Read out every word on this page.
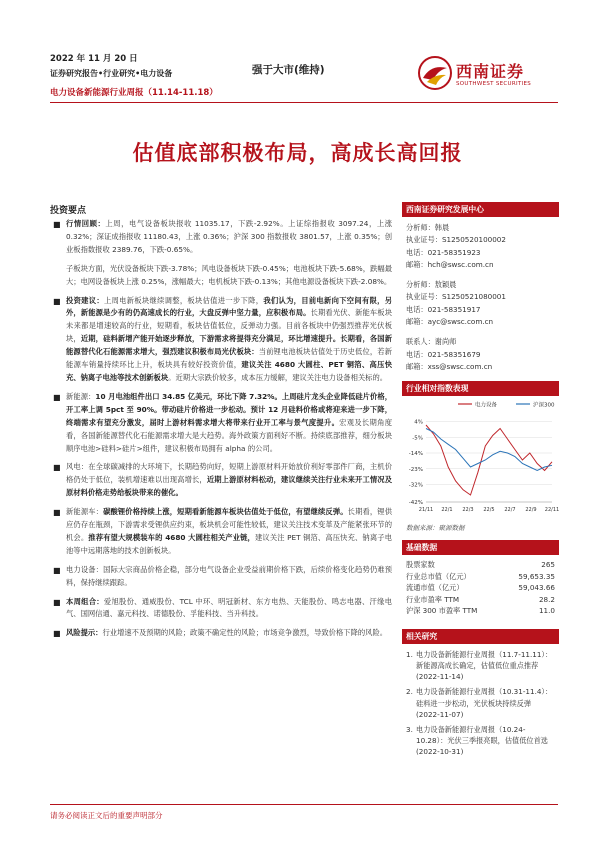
2022 年 11 月 20 日
证券研究报告•行业研究•电力设备
电力设备新能源行业周报（11.14-11.18）
强于大市(维持)	西南证券
SOUTHWEST SECURITIES
估值底部积极布局，高成长高回报
投资要点

■ 行情回顾：上周，电气设备板块报收 11035.17，下跌-2.92%。上证综指报收 3097.24，上涨 0.32%；深证成指报收 11180.43，上涨 0.36%；沪深 300 指数报收 3801.57，上涨 0.35%；创业板指数报收 2389.76，下跌-0.65%。

子板块方面，光伏设备板块下跌-3.78%；风电设备板块下跌-0.45%；电池板块下跌-5.68%，跌幅最大；电网设备板块上涨 0.25%，涨幅最大；电机板块下跌-0.13%；其他电源设备板块下跌-2.08%。

■ 投资建议：上周电新板块继续调整，板块估值进一步下降，我们认为，目前电新向下空间有限，另外，新能源是少有的仍高速成长的行业，大盘反弹中坚力量，应积极布局。长期看光伏、新能车板块未来都是增速较高的行业，短期看，板块估值低位，反弹动力强。目前各板块中仍强烈推荐光伏板块，近期，硅料新增产能开始逐步释放，下游需求将提得充分满足，环比增速提升。长期看，各国新能源替代化石能源需求增大，强烈建议积极布局光伏板块：当前锂电池板块估值处于历史低位，若新能源车销量持续环比上升，板块具有较好投资价值，建议关注 4680 大圆柱、PET 铜箔、高压快充、钠离子电池等技术创新板块。近期大宗跌价较多，成本压力缓解，建议关注电力设备相关标的。

■ 新能源：10 月电池组件出口 34.85 亿美元，环比下降 7.32%。上周硅片龙头企业降低硅片价格，开工率上调 5pct 至 90%。带动硅片价格进一步松动。预计 12 月硅料价格或将迎来进一步下降，终端需求有望充分激发，届时上游材料需求增大将带来行业开工率与景气度提升。宏观及长期角度看，各国新能源替代化石能源需求增大是大趋势。海外政策方面利好不断。持续底部推荐，细分板块顺序电池>硅料>硅片>组件，建议积极布局拥有 alpha 的公司。

■ 风电：在全球碳减排的大环境下，长期趋势向好，短期上游原材料开始放价利好零部件厂商，主机价格仍处于低位，装机增速难以出现高增长，近期上游原材料松动，建议继续关注行业未来开工情况及原材料价格走势给板块带来的催化。

■ 新能源车：碳酸锂价格持续上涨，短期看新能源车板块估值处于低位，有望继续反弹。长期看，锂供应仍存在瓶颈，下游需求受锂供应约束，板块机会可能性较低，建议关注技术变革及产能紧张环节的机会。推荐有望大规模装车的 4680 大圆柱相关产业链，建议关注 PET 铜箔、高压快充、钠离子电池等中远期落地的技术创新板块。

■ 电力设备：国际大宗商品价格企稳，部分电气设备企业受益前期价格下跌，后续价格变化趋势仍难预料，保持继续跟踪。

■ 本周组合：爱旭股份、通威股份、TCL 中环、明冠新材、东方电热、天能股份、鸣志电器、汗缘电气、国网信通、嘉元科技、诺德股份、孚能科技、当升科技。

■ 风险提示：行业增速不及预期的风险；政策不确定性的风险；市场竞争激烈，导致价格下降的风险。

西南证券研究发展中心
分析师：韩晨
执业证号：S1250520100002
电话：021-58351923
邮箱：hch@swsc.com.cn
分析师：敖颖晨
执业证号：S1250521080001
电话：021-58351917
邮箱：ayc@swsc.com.cn
联系人：谢尚师
电话：021-58351679
邮箱：xss@swsc.com.cn
行业相对指数表现
电力设备	沪深300
4%
-5%
-14%
-23%
-32%
-42%
21/11 22/1 22/3 22/5 22/7 22/9 22/11
数据来源：聚源数据
基础数据
股票家数	265
行业总市值（亿元）	59,653.35
流通市值（亿元）	59,043.66
行业市盈率 TTM	28.2
沪深 300 市盈率 TTM	11.0
相关研究
1. 电力设备新能源行业周报（11.7-11.11）：新能源高成长确定，估值低位重点推荐 (2022-11-14)
2. 电力设备新能源行业周报（10.31-11.4）：硅料进一步松动，光伏板块持续反弹 (2022-11-07)
3. 电力设备新能源行业周报（10.24-10.28）：光伏三季报亮眼，估值低位首选 (2022-10-31)
请务必阅读正文后的重要声明部分
